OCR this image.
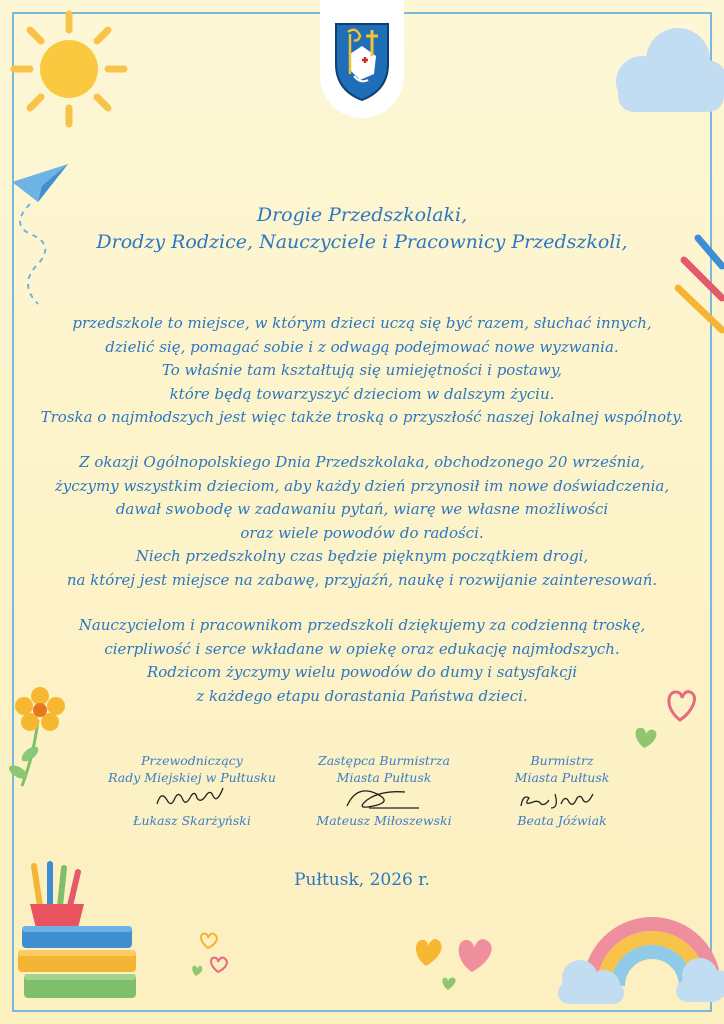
Drogie Przedszkolaki,

Drodzy Rodzice, Nauczyciele i Pracownicy Przedszkoli,

przedszkole to miejsce, w którym dzieci uczą się być razem, słuchać innych,

dzielić się, pomagać sobie i z odwagą podejmować nowe wyzwania.

To właśnie tam kształtują się umiejętności i postawy,

które będą towarzyszyć dzieciom w dalszym życiu.

Troska o najmłodszych jest więc także troską o przyszłość naszej lokalnej wspólnoty.

Z okazji Ogólnopolskiego Dnia Przedszkolaka, obchodzonego 20 września,

życzymy wszystkim dzieciom, aby każdy dzień przynosił im nowe doświadczenia,

dawał swobodę w zadawaniu pytań, wiarę we własne możliwości

oraz wiele powodów do radości.

Niech przedszkolny czas będzie pięknym początkiem drogi,

na której jest miejsce na zabawę, przyjaźń, naukę i rozwijanie zainteresowań.

Nauczycielom i pracownikom przedszkoli dziękujemy za codzienną troskę,

cierpliwość i serce wkładane w opiekę oraz edukację najmłodszych.

Rodzicom życzymy wielu powodów do dumy i satysfakcji

z każdego etapu dorastania Państwa dzieci.

Przewodniczący
Rady Miejskiej w Pułtusku
Łukasz Skarżyński
Zastępca Burmistrza
Miasta Pułtusk
Mateusz Miłoszewski
Burmistrz
Miasta Pułtusk
Beata Jóźwiak

Pułtusk, 2026 r.
